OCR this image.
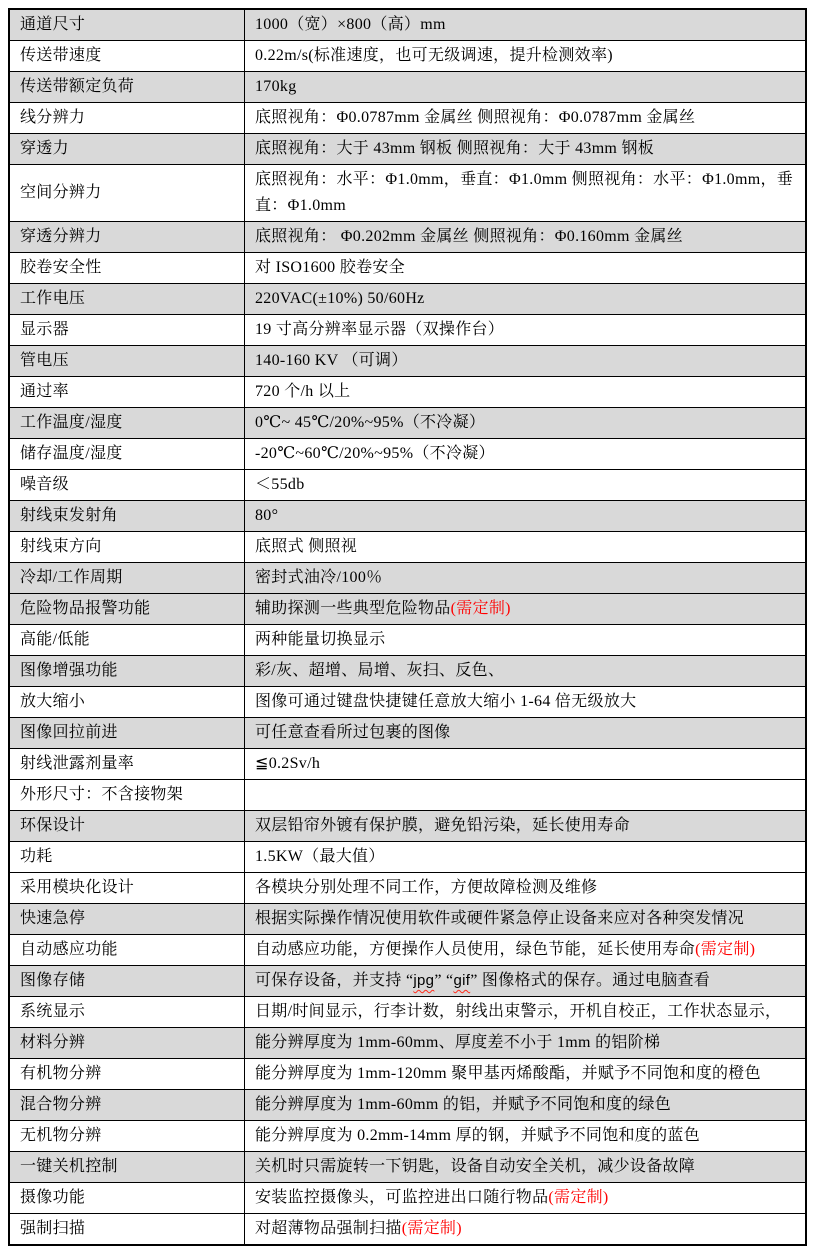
通道尺寸	1000（宽）×800（高）mm
传送带速度	0.22m/s(标准速度，也可无级调速，提升检测效率)
传送带额定负荷	170kg
线分辨力	底照视角：Φ0.0787mm 金属丝 侧照视角：Φ0.0787mm 金属丝
穿透力	底照视角：大于 43mm 钢板 侧照视角：大于 43mm 钢板
空间分辨力	底照视角：水平：Φ1.0mm，垂直：Φ1.0mm 侧照视角：水平：Φ1.0mm，垂直：Φ1.0mm
穿透分辨力	底照视角： Φ0.202mm 金属丝 侧照视角：Φ0.160mm 金属丝
胶卷安全性	对 ISO1600 胶卷安全
工作电压	220VAC(±10%) 50/60Hz
显示器	19 寸高分辨率显示器（双操作台）
管电压	140-160 KV （可调）
通过率	720 个/h 以上
工作温度/湿度	0℃~ 45℃/20%~95%（不冷凝）
储存温度/湿度	-20℃~60℃/20%~95%（不冷凝）
噪音级	＜55db
射线束发射角	80°
射线束方向	底照式 侧照视
冷却/工作周期	密封式油冷/100％
危险物品报警功能	辅助探测一些典型危险物品(需定制)
高能/低能	两种能量切换显示
图像增强功能	彩/灰、超增、局增、灰扫、反色、
放大缩小	图像可通过键盘快捷键任意放大缩小 1-64 倍无级放大
图像回拉前进	可任意查看所过包裹的图像
射线泄露剂量率	≦0.2Sv/h
外形尺寸：不含接物架	
环保设计	双层铅帘外镀有保护膜，避免铅污染，延长使用寿命
功耗	1.5KW（最大值）
采用模块化设计	各模块分别处理不同工作，方便故障检测及维修
快速急停	根据实际操作情况使用软件或硬件紧急停止设备来应对各种突发情况
自动感应功能	自动感应功能，方便操作人员使用，绿色节能，延长使用寿命(需定制)
图像存储	可保存设备，并支持 “jpg” “gif” 图像格式的保存。通过电脑查看
系统显示	日期/时间显示，行李计数，射线出束警示，开机自校正，工作状态显示，
材料分辨	能分辨厚度为 1mm-60mm、厚度差不小于 1mm 的铝阶梯
有机物分辨	能分辨厚度为 1mm-120mm 聚甲基丙烯酸酯，并赋予不同饱和度的橙色
混合物分辨	能分辨厚度为 1mm-60mm 的铝，并赋予不同饱和度的绿色
无机物分辨	能分辨厚度为 0.2mm-14mm 厚的钢，并赋予不同饱和度的蓝色
一键关机控制	关机时只需旋转一下钥匙，设备自动安全关机，减少设备故障
摄像功能	安装监控摄像头，可监控进出口随行物品(需定制)
强制扫描	对超薄物品强制扫描(需定制)
